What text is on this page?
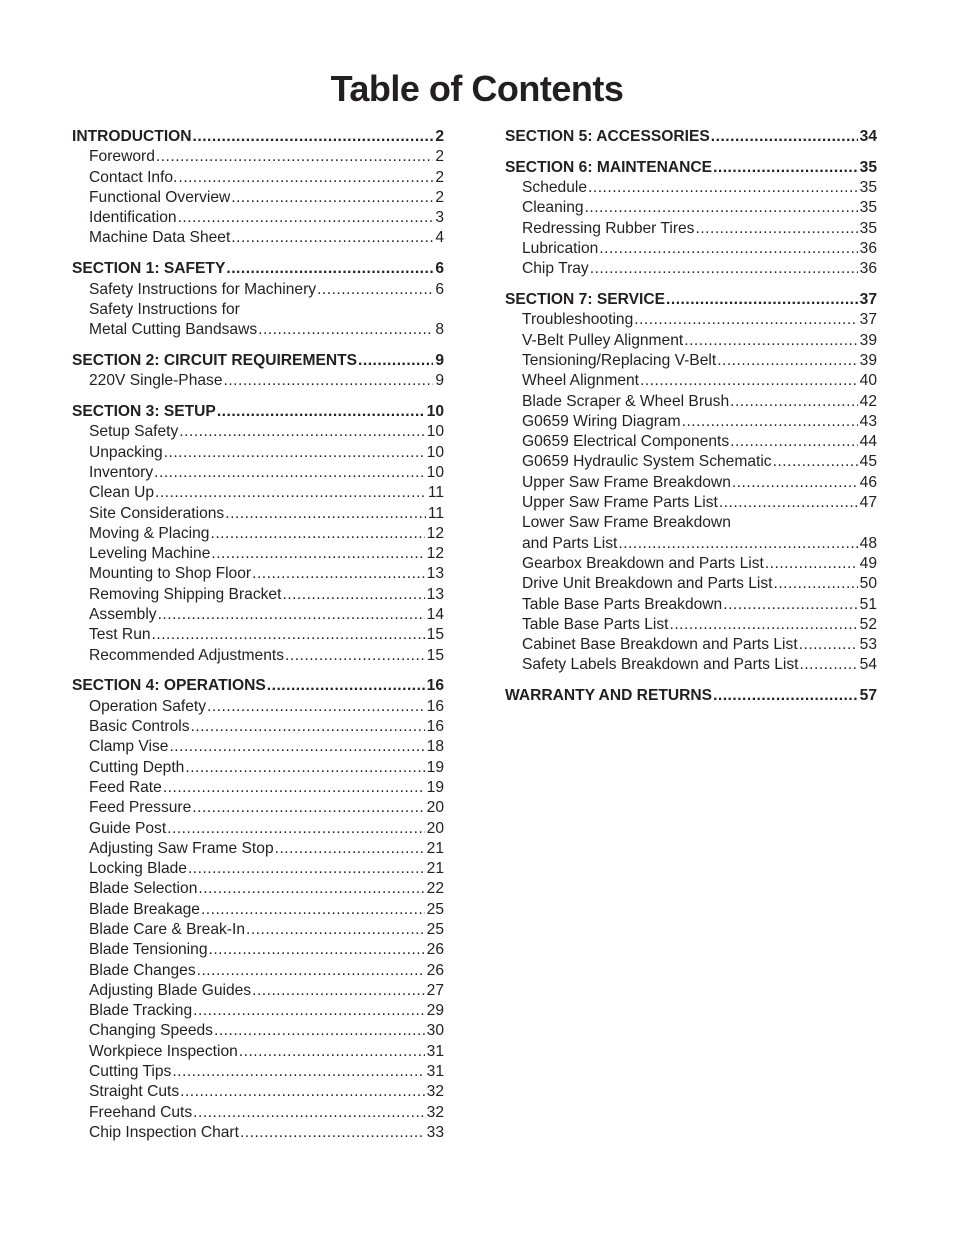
Table of Contents
INTRODUCTION .....	2
Foreword .....	2
Contact Info. .....	2
Functional Overview .....	2
Identification .....	3
Machine Data Sheet .....	4
SECTION 1: SAFETY .....	6
Safety Instructions for Machinery .....	6
Safety Instructions for
Metal Cutting Bandsaws .....	8
SECTION 2: CIRCUIT REQUIREMENTS .....	9
220V Single-Phase .....	9
SECTION 3: SETUP .....	10
Setup Safety .....	10
Unpacking .....	10
Inventory .....	10
Clean Up .....	11
Site Considerations .....	11
Moving & Placing .....	12
Leveling Machine .....	12
Mounting to Shop Floor .....	13
Removing Shipping Bracket .....	13
Assembly .....	14
Test Run .....	15
Recommended Adjustments .....	15
SECTION 4: OPERATIONS .....	16
Operation Safety .....	16
Basic Controls .....	16
Clamp Vise .....	18
Cutting Depth .....	19
Feed Rate .....	19
Feed Pressure .....	20
Guide Post .....	20
Adjusting Saw Frame Stop .....	21
Locking Blade .....	21
Blade Selection .....	22
Blade Breakage .....	25
Blade Care & Break-In .....	25
Blade Tensioning .....	26
Blade Changes .....	26
Adjusting Blade Guides .....	27
Blade Tracking .....	29
Changing Speeds .....	30
Workpiece Inspection .....	31
Cutting Tips .....	31
Straight Cuts .....	32
Freehand Cuts .....	32
Chip Inspection Chart .....	33
SECTION 5: ACCESSORIES .....	34
SECTION 6: MAINTENANCE .....	35
Schedule .....	35
Cleaning .....	35
Redressing Rubber Tires .....	35
Lubrication .....	36
Chip Tray .....	36
SECTION 7: SERVICE .....	37
Troubleshooting .....	37
V-Belt Pulley Alignment .....	39
Tensioning/Replacing V-Belt .....	39
Wheel Alignment .....	40
Blade Scraper & Wheel Brush .....	42
G0659 Wiring Diagram .....	43
G0659 Electrical Components .....	44
G0659 Hydraulic System Schematic .....	45
Upper Saw Frame Breakdown .....	46
Upper Saw Frame Parts List .....	47
Lower Saw Frame Breakdown
and Parts List .....	48
Gearbox Breakdown and Parts List .....	49
Drive Unit Breakdown and Parts List .....	50
Table Base Parts Breakdown .....	51
Table Base Parts List .....	52
Cabinet Base Breakdown and Parts List .....	53
Safety Labels Breakdown and Parts List .....	54
WARRANTY AND RETURNS .....	57
